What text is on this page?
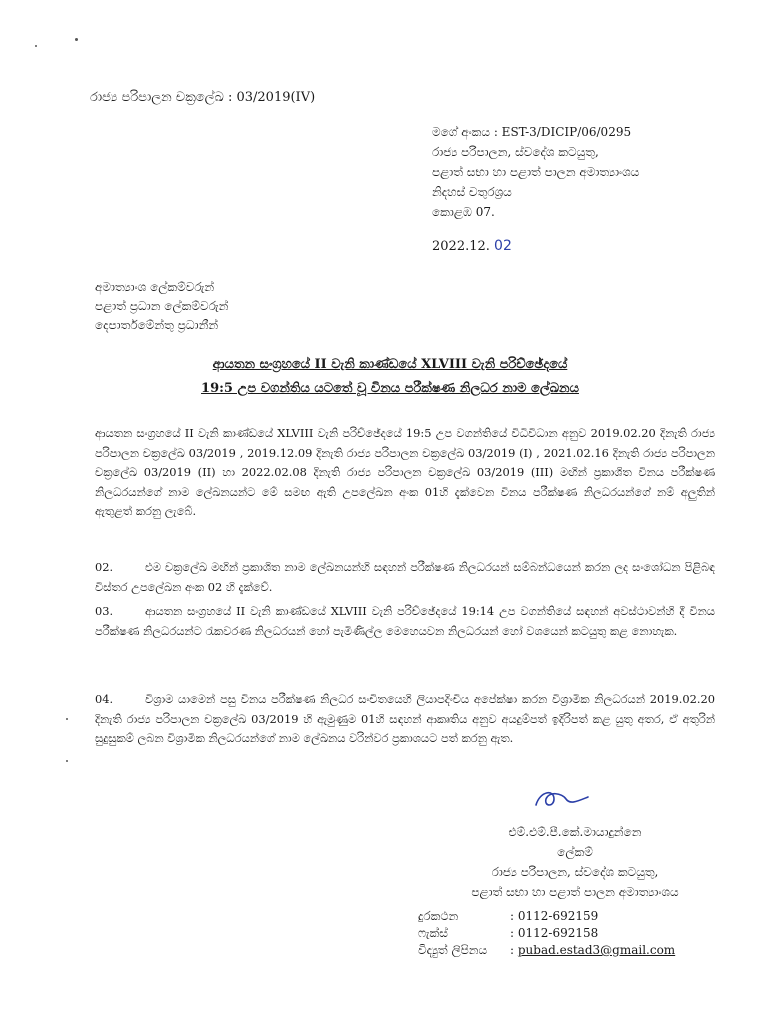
රාජ්‍ය පරිපාලන චක්‍රලේඛ : 03/2019(IV)
මගේ අංකය : EST-3/DICIP/06/0295
රාජ්‍ය පරිපාලන, ස්වදේශ කටයුතු,
පළාත් සභා හා පළාත් පාලන අමාත්‍යාංශය
නිදහස් චතුරශ්‍රය
කොළඹ 07.
2022.12. 02
අමාත්‍යාංශ ලේකම්වරුන්
පළාත් ප්‍රධාන ලේකම්වරුන්
දෙපාර්තමේන්තු ප්‍රධානීන්
ආයතන සංග්‍රහයේ II වැනි කාණ්ඩයේ XLVIII වැනි පරිච්ඡේදයේ
19:5 උප වගන්තිය යටතේ වූ විනය පරීක්ෂණ නිලධර නාම ලේඛනය
ආයතන සංග්‍රහයේ II වැනි කාණ්ඩයේ XLVIII වැනි පරිච්ඡේදයේ 19:5 උප වගන්තියේ විධිවිධාන අනුව 2019.02.20 දිනැති රාජ්‍ය පරිපාලන චක්‍රලේඛ 03/2019 , 2019.12.09 දිනැති රාජ්‍ය පරිපාලන චක්‍රලේඛ 03/2019 (I) , 2021.02.16 දිනැති රාජ්‍ය පරිපාලන චක්‍රලේඛ 03/2019 (II) හා 2022.02.08 දිනැති රාජ්‍ය පරිපාලන චක්‍රලේඛ 03/2019 (III) මඟින් ප්‍රකාශිත විනය පරීක්ෂණ නිලධරයන්ගේ නාම ලේඛනයන්ට මේ සමඟ ඇති උපලේඛන අංක 01හි දැක්වෙන විනය පරීක්ෂණ නිලධරයන්ගේ නම් අලුතින් ඇතුළත් කරනු ලැබේ.
02.	එම චක්‍රලේඛ මඟින් ප්‍රකාශිත නාම ලේඛනයන්හි සඳහන් පරීක්ෂණ නිලධරයන් සම්බන්ධයෙන් කරන ලද සංශෝධන පිළිබඳ විස්තර උපලේඛන අංක 02 හි දැක්වේ.
03.	ආයතන සංග්‍රහයේ II වැනි කාණ්ඩයේ XLVIII වැනි පරිච්ඡේදයේ 19:14 උප වගන්තියේ සඳහන් අවස්ථාවන්හි දී විනය පරීක්ෂණ නිලධරයන්ට රැකවරණ නිලධරයන් හෝ පැමිණිල්ල මෙහෙයවන නිලධරයන් හෝ වශයෙන් කටයුතු කළ නොහැක.
04.	විශ්‍රාම යාමෙන් පසු විනය පරීක්ෂණ නිලධර සංචිතයෙහි ලියාපදිංචිය අපේක්ෂා කරන විශ්‍රාමික නිලධරයන් 2019.02.20 දිනැති රාජ්‍ය පරිපාලන චක්‍රලේඛ 03/2019 හි ඇමුණුම 01හි සඳහන් ආකෘතිය අනුව අයදුම්පත් ඉදිරිපත් කළ යුතු අතර, ඒ අතුරින් සුදුසුකම් ලබන විශ්‍රාමික නිලධරයන්ගේ නාම ලේඛනය වරින්වර ප්‍රකාශයට පත් කරනු ඇත.
එම්.එම්.පී.කේ.මායාදුන්නෙ
ලේකම්
රාජ්‍ය පරිපාලන, ස්වදේශ කටයුතු,
පළාත් සභා හා පළාත් පාලන අමාත්‍යාංශය
දුරකථන	: 0112-692159
ෆැක්ස්	: 0112-692158
විද්‍යුත් ලිපිනය	: pubad.estad3@gmail.com
